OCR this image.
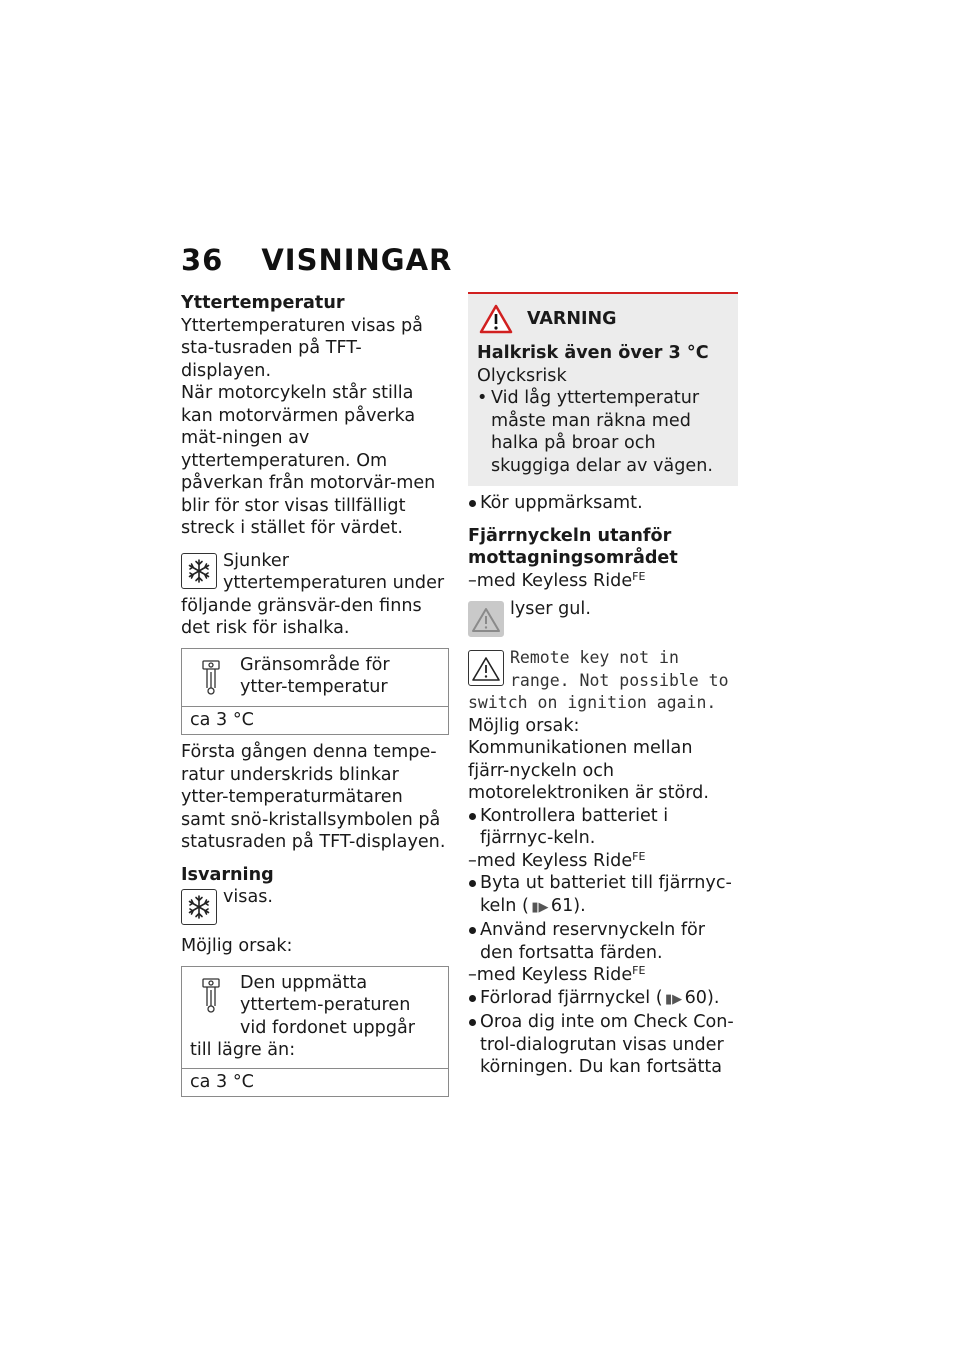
36 VISNINGAR

Yttertemperatur

Yttertemperaturen visas på sta-tusraden på TFT-displayen.

När motorcykeln står stilla kan motorvärmen påverka mät-ningen av yttertemperaturen. Om påverkan från motorvär-men blir för stor visas tillfälligt streck i stället för värdet.

Sjunker yttertemperaturen under följande gränsvär-den finns det risk för ishalka.
Gränsområde för ytter-temperatur
ca 3 °C

Första gången denna tempe-ratur underskrids blinkar ytter-temperaturmätaren samt snö-kristallsymbolen på statusraden på TFT-displayen.

Isvarning

visas.

Möjlig orsak:

Den uppmätta yttertem-peraturen vid fordonet uppgår till lägre än:
ca 3 °C
VARNING

Halkrisk även över 3 °C

Olycksrisk

• Vid låg yttertemperatur måste man räkna med halka på broar och skuggiga delar av vägen.

Kör uppmärksamt.

Fjärrnyckeln utanför mottagningsområdet

–med Keyless Ride$^{FE}$

lyser gul.
Remote key not in range. Not possible to switch on ignition again.

Möjlig orsak:

Kommunikationen mellan fjärr-nyckeln och motorelektroniken är störd.

Kontrollera batteriet i fjärrnyc-keln.

–med Keyless Ride$^{FE}$

Byta ut batteriet till fjärrnyc-keln ( ▮▶ 61).

Använd reservnyckeln för den fortsatta färden.

–med Keyless Ride$^{FE}$

Förlorad fjärrnyckel ( ▮▶ 60).

Oroa dig inte om Check Con-trol-dialogrutan visas under körningen. Du kan fortsätta
